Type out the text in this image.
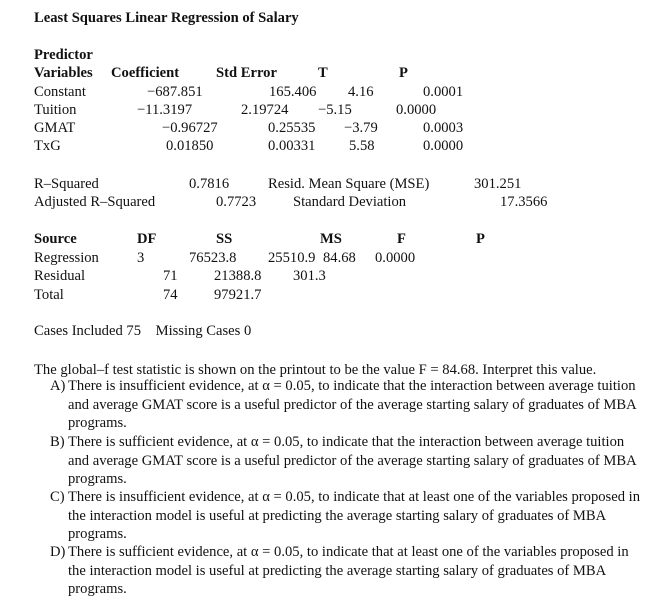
Least Squares Linear Regression of Salary
Predictor
Variables Coefficient	Std Error	T	P
Constant	−687.851	165.406 4.16	0.0001
Tuition	−11.3197	2.19724 −5.15	0.0000
GMAT	−0.96727	0.25535 −3.79	0.0003
TxG	0.01850	0.00331 5.58	0.0000
R–Squared	0.7816	Resid. Mean Square (MSE)	301.251
Adjusted R–Squared	0.7723	Standard Deviation	17.3566
Source	DF	SS	MS	F	P
Regression	3	76523.8 25510.9 84.68 0.0000
Residual	71 21388.8 301.3
Total	74 97921.7
Cases Included 75    Missing Cases 0
The global–f test statistic is shown on the printout to be the value F = 84.68. Interpret this value.
A) There is insufficient evidence, at α = 0.05, to indicate that the interaction between average tuition and average GMAT score is a useful predictor of the average starting salary of graduates of MBA programs.
B) There is sufficient evidence, at α = 0.05, to indicate that the interaction between average tuition and average GMAT score is a useful predictor of the average starting salary of graduates of MBA programs.
C) There is insufficient evidence, at α = 0.05, to indicate that at least one of the variables proposed in the interaction model is useful at predicting the average starting salary of graduates of MBA programs.
D) There is sufficient evidence, at α = 0.05, to indicate that at least one of the variables proposed in the interaction model is useful at predicting the average starting salary of graduates of MBA programs.
